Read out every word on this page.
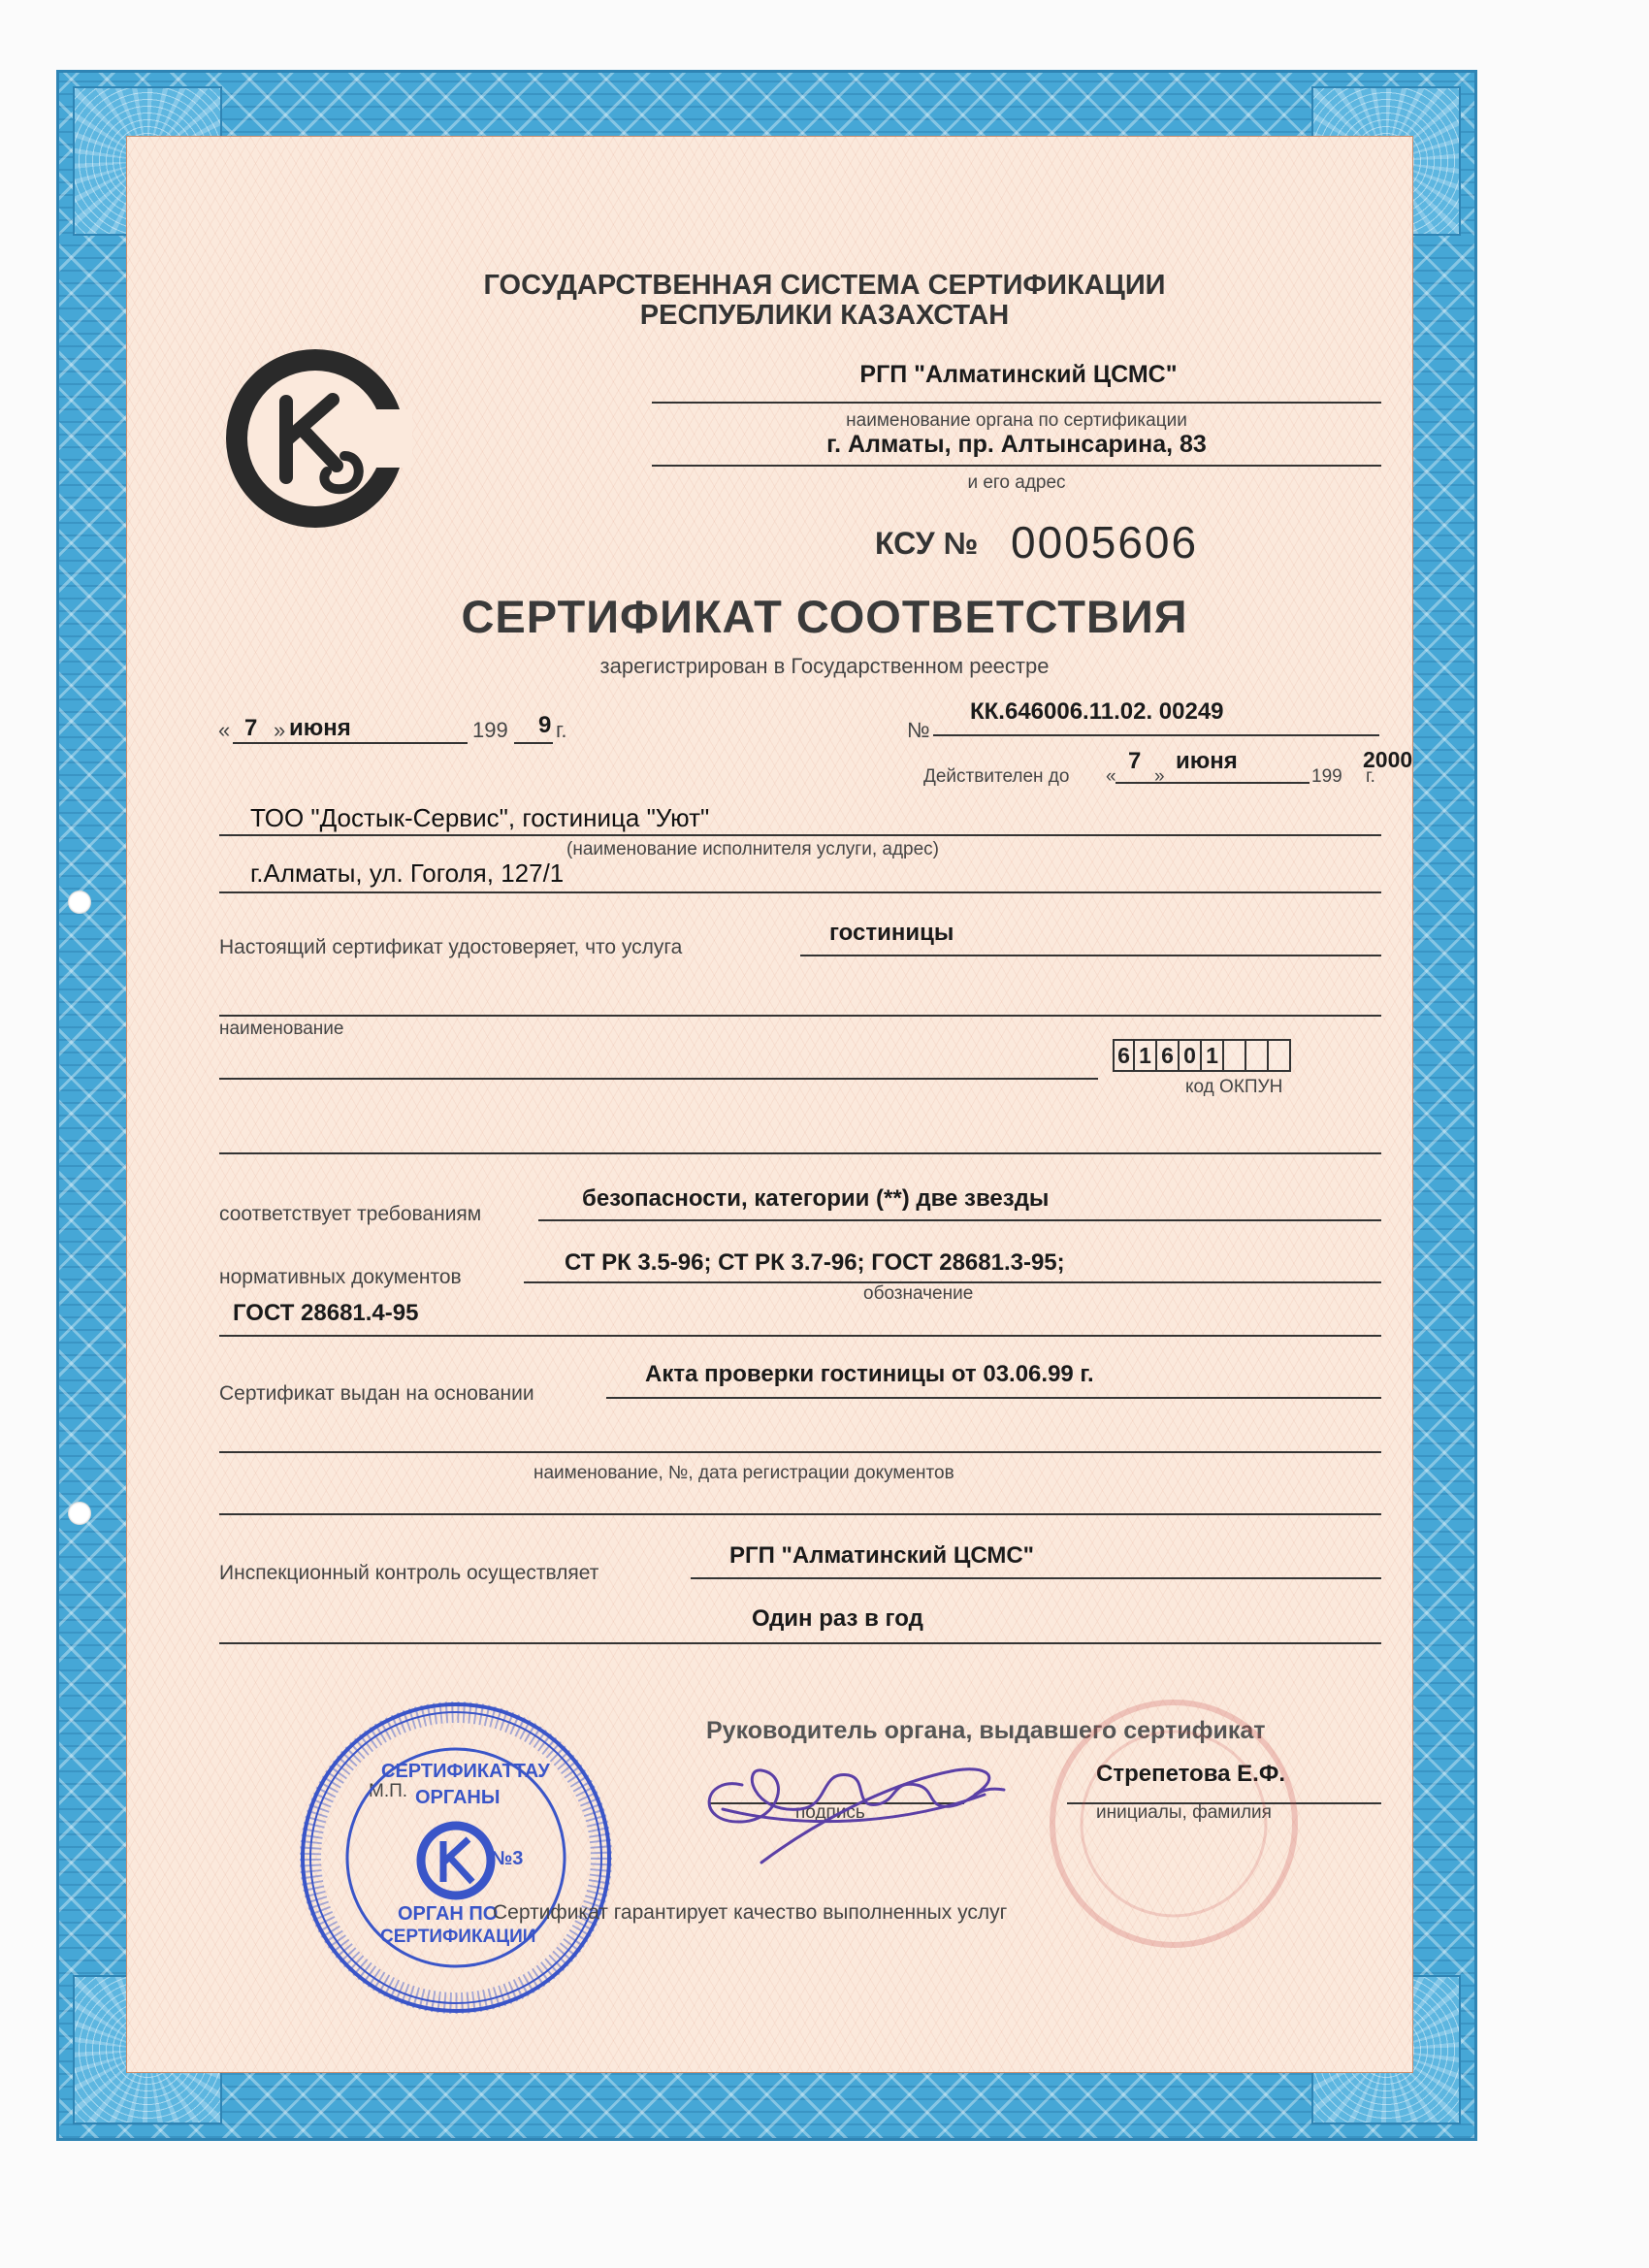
ГОСУДАРСТВЕННАЯ СИСТЕМА СЕРТИФИКАЦИИ
РЕСПУБЛИКИ КАЗАХСТАН
РГП "Алматинский ЦСМС"
наименование органа по сертификации
г. Алматы, пр. Алтынсарина, 83
и его адрес
КСУ № 0005606
СЕРТИФИКАТ СООТВЕТСТВИЯ
зарегистрирован в Государственном реестре
« 7 » июня	199 9 г.	№
КК.646006.11.02. 00249
Действителен до «
7
»
июня
199
2000
г.
ТОО "Достык-Сервис", гостиница "Уют"
(наименование исполнителя услуги, адрес)
г.Алматы, ул. Гоголя, 127/1
Настоящий сертификат удостоверяет, что услуга
гостиницы
наименование
6 1 6 0 1
код ОКПУН
соответствует требованиям
безопасности, категории (**) две звезды
нормативных документов
СТ РК 3.5-96; СТ РК 3.7-96; ГОСТ 28681.3-95;
обозначение
ГОСТ 28681.4-95
Сертификат выдан на основании
Акта проверки гостиницы от 03.06.99 г.
наименование, №, дата регистрации документов
Инспекционный контроль осуществляет
РГП "Алматинский ЦСМС"
Один раз в год
Руководитель органа, выдавшего сертификат
подпись
Стрепетова Е.Ф.
инициалы, фамилия
М.П.
СЕРТИФИКАТТАУ
ОРГАНЫ
№3
ОРГАН ПО
СЕРТИФИКАЦИИ
Сертификат гарантирует качество выполненных услуг
